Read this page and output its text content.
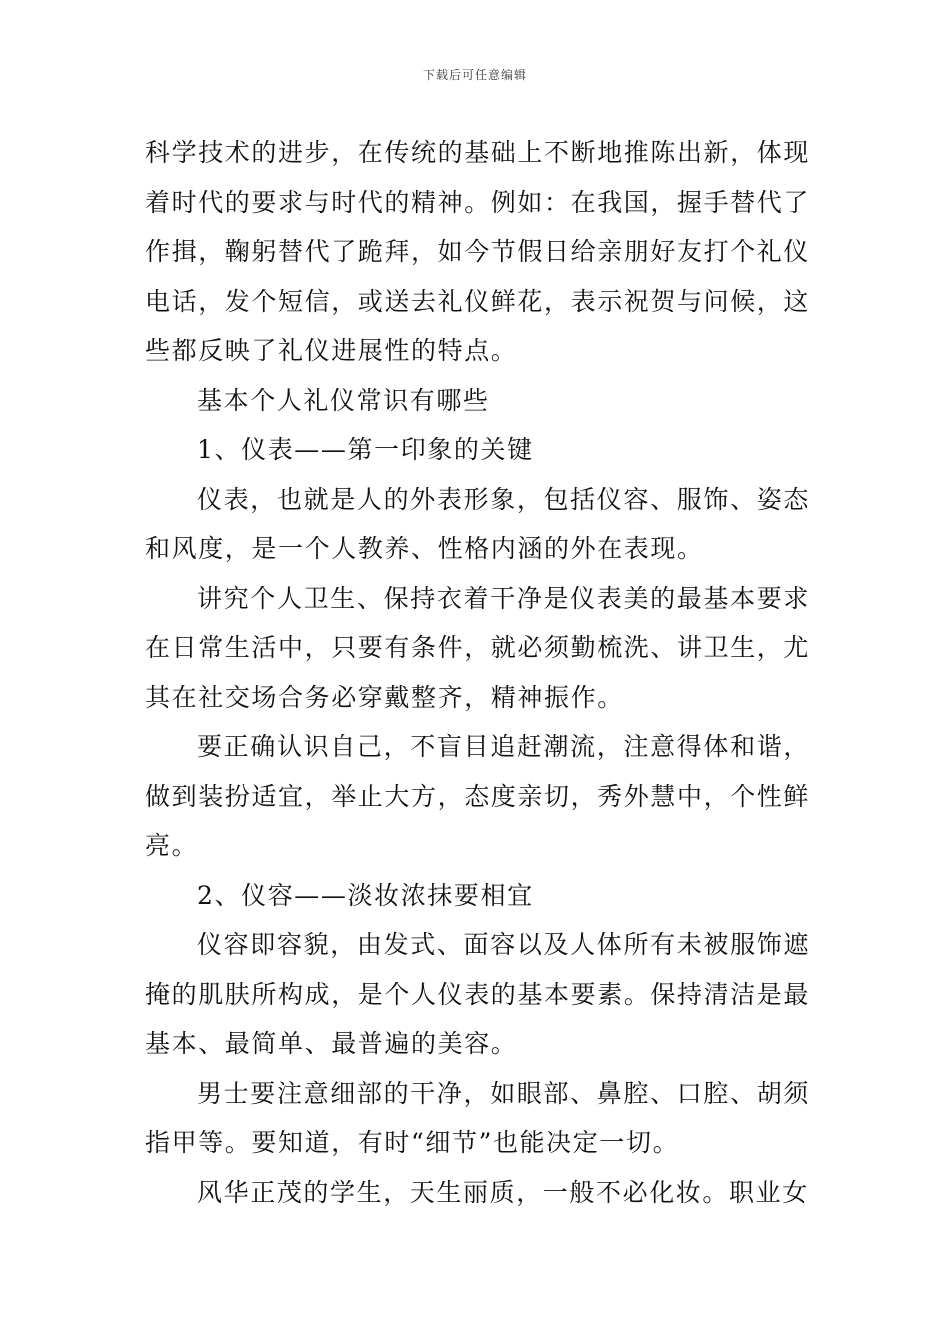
下载后可任意编辑

科学技术的进步，在传统的基础上不断地推陈出新，体现着时代的要求与时代的精神。例如：在我国，握手替代了作揖，鞠躬替代了跪拜，如今节假日给亲朋好友打个礼仪电话，发个短信，或送去礼仪鲜花，表示祝贺与问候，这些都反映了礼仪进展性的特点。

基本个人礼仪常识有哪些

1、仪表——第一印象的关键

仪表，也就是人的外表形象，包括仪容、服饰、姿态和风度，是一个人教养、性格内涵的外在表现。

讲究个人卫生、保持衣着干净是仪表美的最基本要求在日常生活中，只要有条件，就必须勤梳洗、讲卫生，尤其在社交场合务必穿戴整齐，精神振作。

要正确认识自己，不盲目追赶潮流，注意得体和谐，做到装扮适宜，举止大方，态度亲切，秀外慧中，个性鲜亮。

2、仪容——淡妆浓抹要相宜

仪容即容貌，由发式、面容以及人体所有未被服饰遮掩的肌肤所构成，是个人仪表的基本要素。保持清洁是最基本、最简单、最普遍的美容。

男士要注意细部的干净，如眼部、鼻腔、口腔、胡须指甲等。要知道，有时“细节”也能决定一切。

风华正茂的学生，天生丽质，一般不必化妆。职业女
